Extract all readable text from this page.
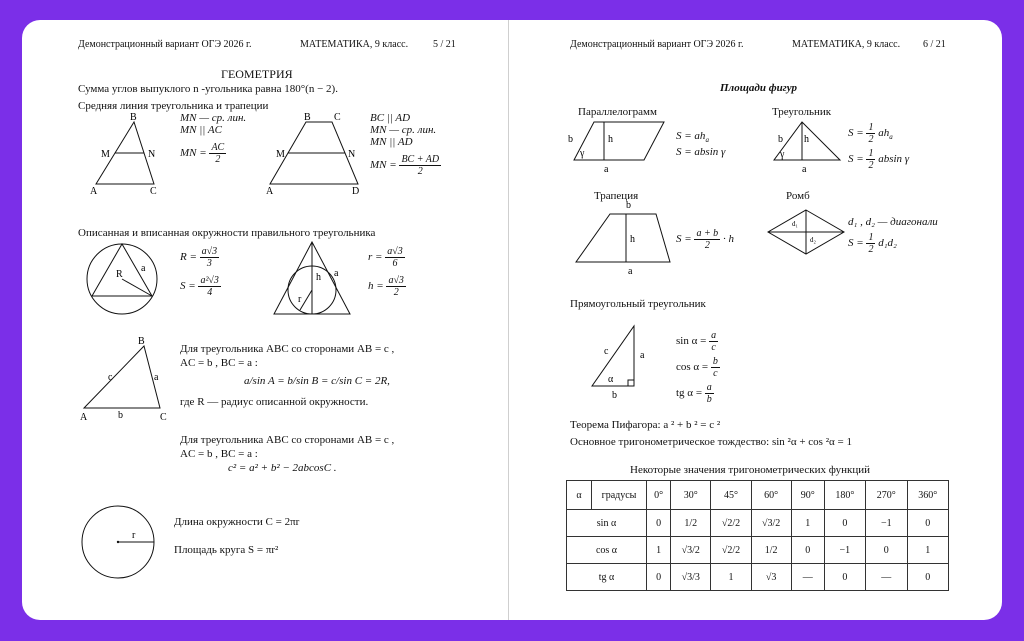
Демонстрационный вариант ОГЭ 2026 г.	МАТЕМАТИКА, 9 класс. 5 / 21
ГЕОМЕТРИЯ
Сумма углов выпуклого n -угольника равна 180°(n − 2).
Средняя линия треугольника и трапеции
B
M	N
A	C
MN — ср. лин.
MN || AC
MN = $\frac{AC}{2}$
B C
M	N
A	D
BC || AD
MN — ср. лин.
MN || AD
MN = $\frac{BC + AD}{2}$
Описанная и вписанная окружности правильного треугольника
R
a
$R = \frac{a√3}{3}$
$S = \frac{\text{a²√3}}{4}$	h
r
a
$r = \frac{a√3}{6}$
$h = \frac{a√3}{2}$
B
A	C
c	a
b
Для треугольника ABC со сторонами AB = c ,
AC = b , BC = a :
a/sin A = b/sin B = c/sin C = 2R,
где R — радиус описанной окружности.
Для треугольника ABC со сторонами AB = c ,
AC = b , BC = a :
c² = a² + b² − 2abcosC .
r
Длина окружности C = 2πr
Площадь круга S = πr²
Демонстрационный вариант ОГЭ 2026 г.	МАТЕМАТИКА, 9 класс. 6 / 21
Площади фигур
Параллелограмм
b	h
γ
a
$S = ah_a$
S = absin γ
Треугольник
b h
γ
a
$S = \frac{1}{2} ah_a$
$S = \frac{1}{2}$ absin γ
Трапеция
b
h
a
$S = \frac{a + b}{2} \cdot h$
Ромб
d₁
d₂
d₁ , d₂ — диагонали
$S = \frac{1}{2} d_1d_2$
Прямоугольный треугольник
c	a
b
α
$\sin \alpha = \frac{a}{c}$
$\cos \alpha = \frac{b}{c}$
tg $\alpha = \frac{a}{b}$
Теорема Пифагора: a ² + b ² = c ²
Основное тригонометрическое тождество: sin ²α + cos ²α = 1
Некоторые значения тригонометрических функций
α	градусы	0°	30°	45°	60°	90°	180°	270°	360°
sin α		0	1/2	√2/2	√3/2	1	0	−1	0
cos α		1	√3/2	√2/2	1/2	0	−1	0	1
tg α		0	√3/3	1	√3	—	0	—	0
